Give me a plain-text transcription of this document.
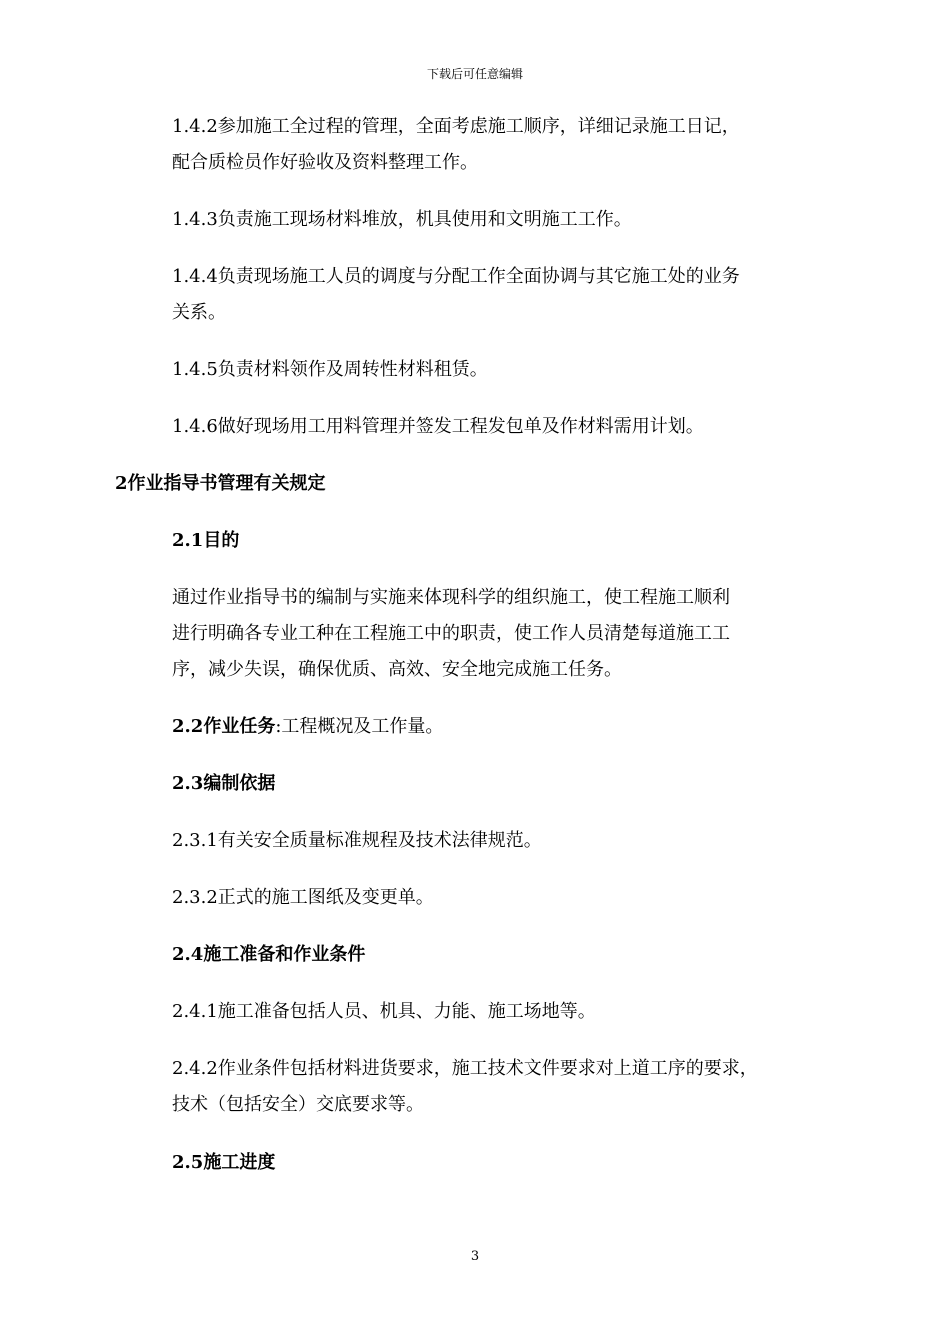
下载后可任意编辑
1.4.2参加施工全过程的管理，全面考虑施工顺序，详细记录施工日记，
配合质检员作好验收及资料整理工作。
1.4.3负责施工现场材料堆放，机具使用和文明施工工作。
1.4.4负责现场施工人员的调度与分配工作全面协调与其它施工处的业务
关系。
1.4.5负责材料领作及周转性材料租赁。
1.4.6做好现场用工用料管理并签发工程发包单及作材料需用计划。
2作业指导书管理有关规定
2.1目的
通过作业指导书的编制与实施来体现科学的组织施工，使工程施工顺利
进行明确各专业工种在工程施工中的职责，使工作人员清楚每道施工工
序，减少失误，确保优质、高效、安全地完成施工任务。
2.2作业任务:工程概况及工作量。
2.3编制依据
2.3.1有关安全质量标准规程及技术法律规范。
2.3.2正式的施工图纸及变更单。
2.4施工准备和作业条件
2.4.1施工准备包括人员、机具、力能、施工场地等。
2.4.2作业条件包括材料进货要求，施工技术文件要求对上道工序的要求，
技术（包括安全）交底要求等。
2.5施工进度
3
